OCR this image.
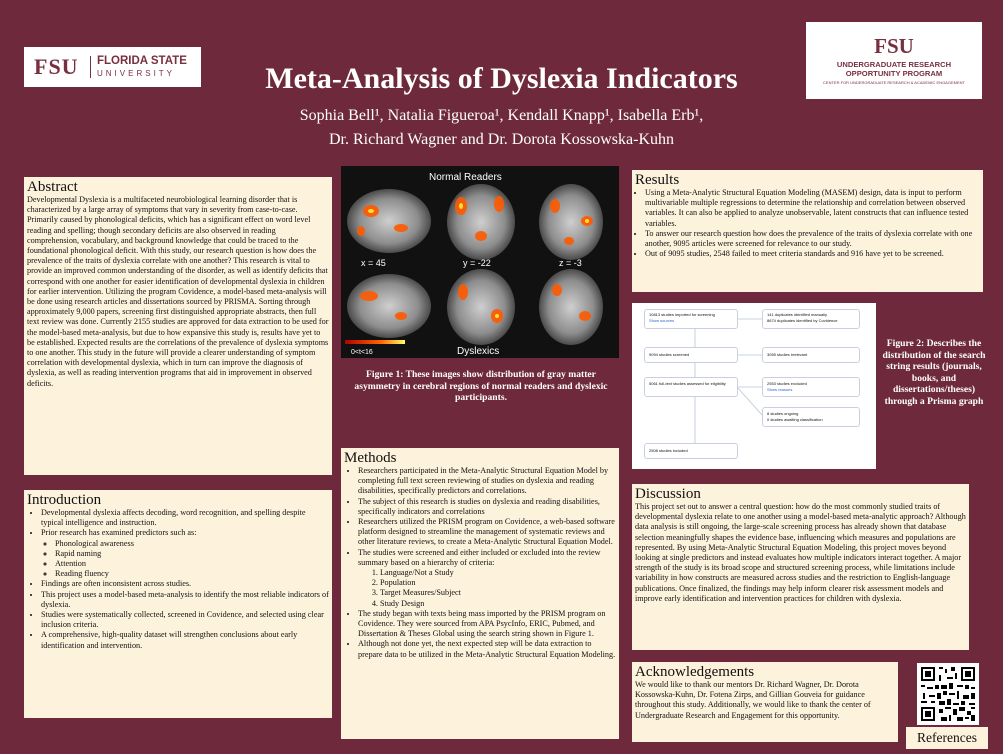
FSU FLORIDA STATE
UNIVERSITY
FSU
UNDERGRADUATE RESEARCH
OPPORTUNITY PROGRAM
CENTER FOR UNDERGRADUATE RESEARCH & ACADEMIC ENGAGEMENT
Meta-Analysis of Dyslexia Indicators
Sophia Bell¹, Natalia Figueroa¹, Kendall Knapp¹, Isabella Erb¹,
Dr. Richard Wagner and Dr. Dorota Kossowska-Kuhn
Abstract
Developmental Dyslexia is a multifaceted neurobiological learning disorder that is characterized by a large array of symptoms that vary in severity from case-to-case. Primarily caused by phonological deficits, which has a significant effect on word level reading and spelling; though secondary deficits are also observed in reading comprehension, vocabulary, and background knowledge that could be traced to the foundational phonological deficit. With this study, our research question is how does the prevalence of the traits of dyslexia correlate with one another? This research is vital to provide an improved common understanding of the disorder, as well as identify deficits that correspond with one another for easier identification of developmental dyslexia in children for earlier intervention. Utilizing the program Covidence, a model-based meta-analysis will be done using research articles and dissertations sourced by PRISMA. Sorting through approximately 9,000 papers, screening first distinguished appropriate abstracts, then full text review was done. Currently 2155 studies are approved for data extraction to be used for the model-based meta-analysis, but due to how expansive this study is, results have yet to be established. Expected results are the correlations of the prevalence of dyslexia symptoms to one another. This study in the future will provide a clearer understanding of symptom correlation with developmental dyslexia, which in turn can improve the diagnosis of dyslexia, as well as reading intervention programs that aid in improvement in observed deficits.
Introduction
• Developmental dyslexia affects decoding, word recognition, and spelling despite typical intelligence and instruction.
• Prior research has examined predictors such as:
◦ Phonological awareness
◦ Rapid naming
◦ Attention
◦ Reading fluency
• Findings are often inconsistent across studies.
• This project uses a model-based meta-analysis to identify the most reliable indicators of dyslexia.
• Studies were systematically collected, screened in Covidence, and selected using clear inclusion criteria.
• A comprehensive, high-quality dataset will strengthen conclusions about early identification and intervention.
Normal Readers
x = 45	y = -22	z = -3
0<t<16	Dyslexics
Figure 1: These images show distribution of gray matter asymmetry in cerebral regions of normal readers and dyslexic participants.
Methods
• Researchers participated in the Meta-Analytic Structural Equation Model by completing full text screen reviewing of studies on dyslexia and reading disabilities, specifically predictors and correlations.
• The subject of this research is studies on dyslexia and reading disabilities, specifically indicators and correlations
• Researchers utilized the PRISM program on Covidence, a web-based software platform designed to streamline the management of systematic reviews and other literature reviews, to create a Meta-Analytic Structural Equation Model.
• The studies were screened and either included or excluded into the review summary based on a hierarchy of criteria:
1. Language/Not a Study
2. Population
3. Target Measures/Subject
4. Study Design
• The study began with texts being mass imported by the PRISM program on Covidence. They were sourced from APA PsycInfo, ERIC, Pubmed, and Dissertation & Theses Global using the search string shown in Figure 1.
• Although not done yet, the next expected step will be data extraction to prepare data to be utilized in the Meta-Analytic Structural Equation Modeling.
Results
• Using a Meta-Analytic Structural Equation Modeling (MASEM) design, data is input to perform multivariable multiple regressions to determine the relationship and correlation between observed variables. It can also be applied to analyze unobservable, latent constructs that can influence tested variables.
• To answer our research question how does the prevalence of the traits of dyslexia correlate with one another, 9095 articles were screened for relevance to our study.
• Out of 9095 studies, 2548 failed to meet criteria standards and 916 have yet to be screened.
10813 studies imported for screening
Show sources
9094 studies screened
5061 full-text studies assessed for eligibility
2508 studies included
141 duplicates identified manually
8674 duplicates identified by Covidence
3055 studies irrelevant
2553 studies excluded
Show reasons
8 studies ongoing
0 studies awaiting classification
Figure 2: Describes the distribution of the search string results (journals, books, and dissertations/theses) through a Prisma graph
Discussion
This project set out to answer a central question: how do the most commonly studied traits of developmental dyslexia relate to one another using a model-based meta-analytic approach? Although data analysis is still ongoing, the large-scale screening process has already shown that database selection meaningfully shapes the evidence base, influencing which measures and populations are represented. By using Meta-Analytic Structural Equation Modeling, this project moves beyond looking at single predictors and instead evaluates how multiple indicators interact together. A major strength of the study is its broad scope and structured screening process, while limitations include variability in how constructs are measured across studies and the restriction to English-language publications. Once finalized, the findings may help inform clearer risk assessment models and improve early identification and intervention practices for children with dyslexia.
Acknowledgements
We would like to thank our mentors Dr. Richard Wagner, Dr. Dorota Kossowska-Kuhn, Dr. Fotena Zirps, and Gillian Gouveia for guidance throughout this study. Additionally, we would like to thank the center of Undergraduate Research and Engagement for this opportunity.
References
